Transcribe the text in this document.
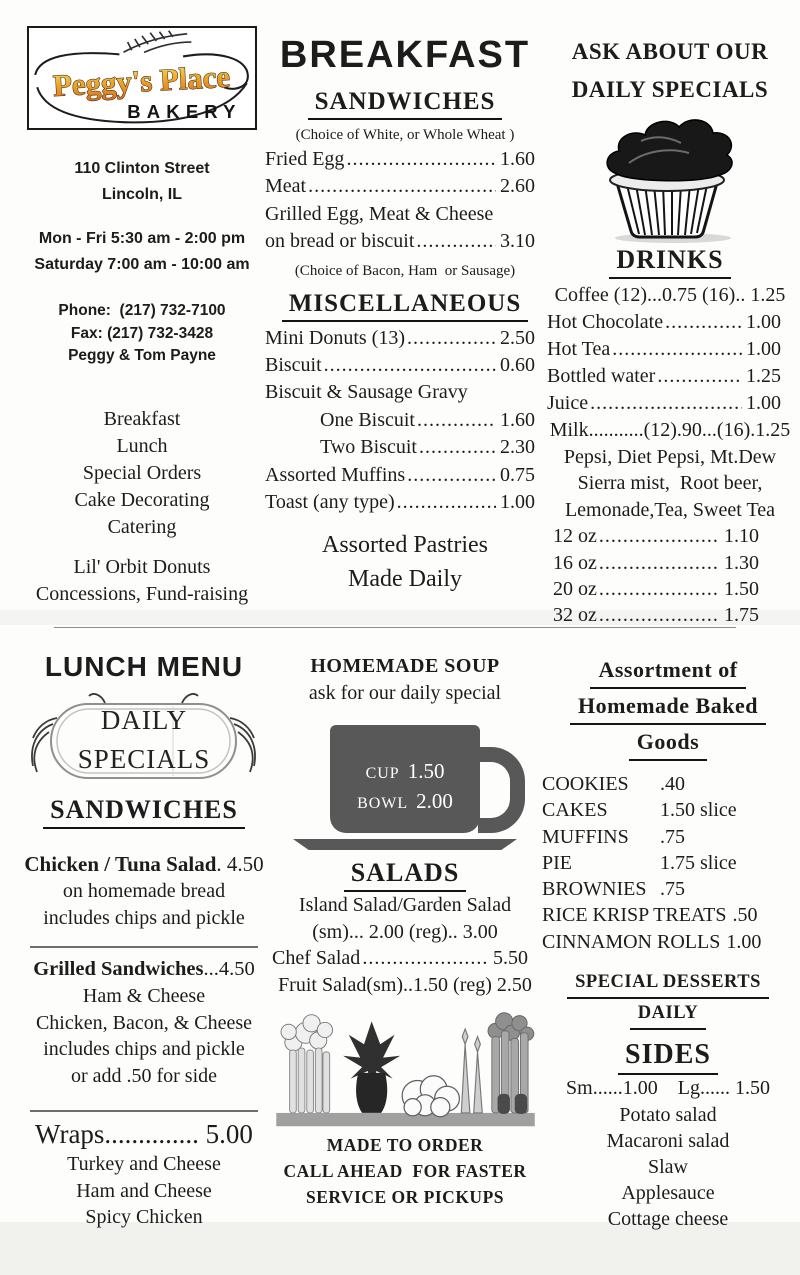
Peggy's Place
BAKERY
110 Clinton Street
Lincoln, IL
Mon - Fri 5:30 am - 2:00 pm
Saturday 7:00 am - 10:00 am
Phone:  (217) 732-7100
Fax: (217) 732-3428
Peggy & Tom Payne
Breakfast
Lunch
Special Orders
Cake Decorating
Catering
Lil' Orbit Donuts
Concessions, Fund-raising
BREAKFAST
SANDWICHES
(Choice of White, or Whole Wheat )
Fried Egg .....	1.60
Meat .....	2.60
Grilled Egg, Meat & Cheese
on bread or biscuit .....	3.10
(Choice of Bacon, Ham  or Sausage)
MISCELLANEOUS
Mini Donuts (13) .....	2.50
Biscuit .....	0.60
Biscuit & Sausage Gravy
One Biscuit .....	1.60
Two Biscuit .....	2.30
Assorted Muffins .....	0.75
Toast (any type) .....	1.00
Assorted Pastries
Made Daily
ASK ABOUT OUR
DAILY SPECIALS
DRINKS
Coffee (12)...0.75 (16).. 1.25
Hot Chocolate .....	1.00
Hot Tea .....	1.00
Bottled water .....	1.25
Juice .....	1.00
Milk...........(12).90...(16).1.25
Pepsi, Diet Pepsi, Mt.Dew
Sierra mist,  Root beer,
Lemonade,Tea, Sweet Tea
12 oz .....	1.10
16 oz .....	1.30
20 oz .....	1.50
32 oz .....	1.75
LUNCH MENU
DAILY
SPECIALS
SANDWICHES
Chicken / Tuna Salad. 4.50
on homemade bread
includes chips and pickle
Grilled Sandwiches...4.50
Ham & Cheese
Chicken, Bacon, & Cheese
includes chips and pickle
or add .50 for side
Wraps.............. 5.00
Turkey and Cheese
Ham and Cheese
Spicy Chicken
HOMEMADE SOUP
ask for our daily special
CUP 1.50
BOWL 2.00
SALADS
Island Salad/Garden Salad
(sm)... 2.00 (reg).. 3.00
Chef Salad .....	5.50
Fruit Salad(sm)..1.50 (reg) 2.50
MADE TO ORDER
CALL AHEAD  FOR FASTER
SERVICE OR PICKUPS
Assortment of
Homemade Baked
Goods
COOKIES	.40
CAKES	1.50 slice
MUFFINS	.75
PIE	1.75 slice
BROWNIES .75
RICE KRISP TREATS .50
CINNAMON ROLLS 1.00
SPECIAL DESSERTS
DAILY
SIDES
Sm......1.00    Lg...... 1.50
Potato salad
Macaroni salad
Slaw
Applesauce
Cottage cheese
